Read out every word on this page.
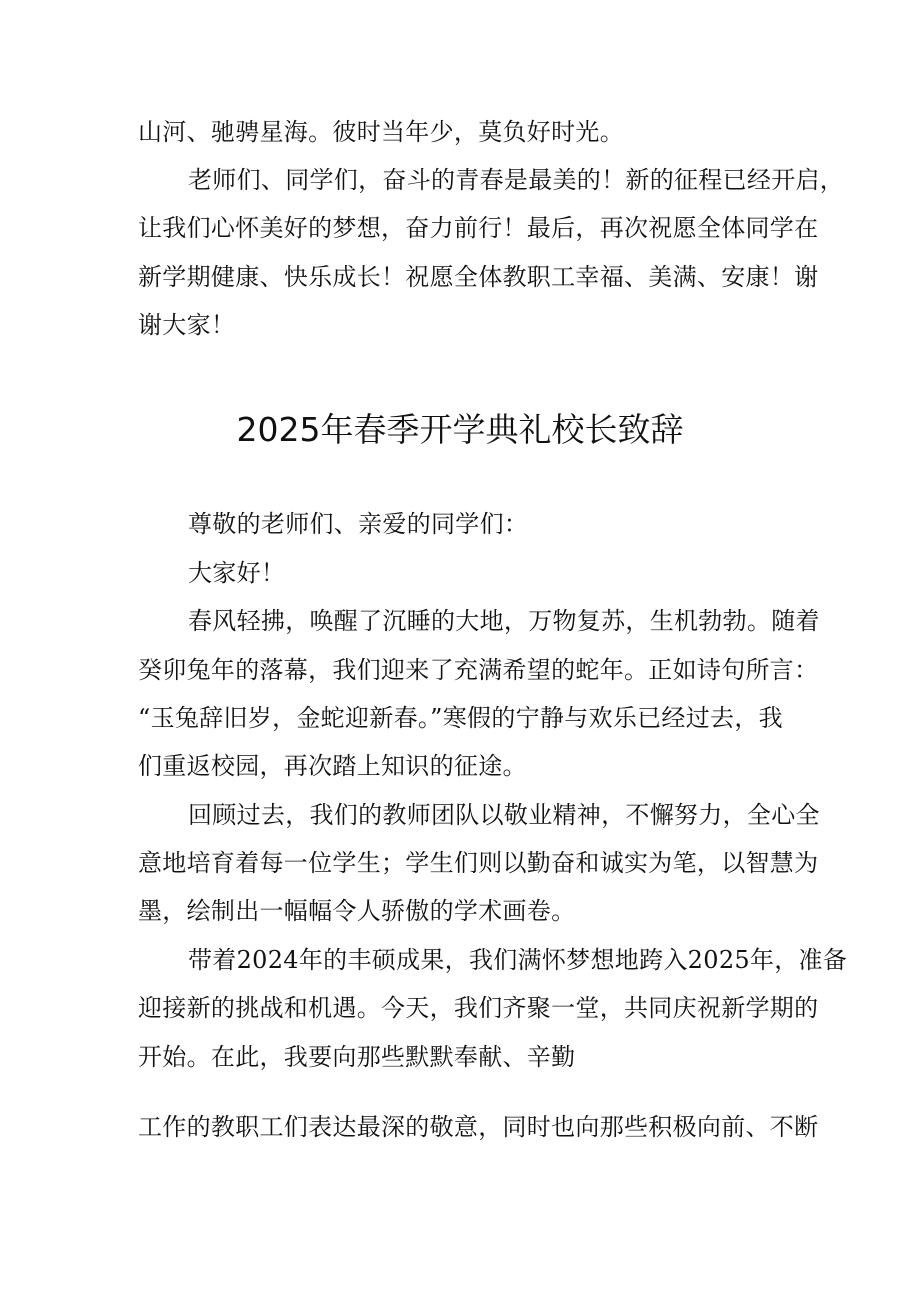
山河、驰骋星海。彼时当年少，莫负好时光。
老师们、同学们，奋斗的青春是最美的！新的征程已经开启，
让我们心怀美好的梦想，奋力前行！最后，再次祝愿全体同学在
新学期健康、快乐成长！祝愿全体教职工幸福、美满、安康！谢
谢大家！
2025年春季开学典礼校长致辞
尊敬的老师们、亲爱的同学们：
大家好！
春风轻拂，唤醒了沉睡的大地，万物复苏，生机勃勃。随着
癸卯兔年的落幕，我们迎来了充满希望的蛇年。正如诗句所言：
“玉兔辞旧岁，金蛇迎新春。”寒假的宁静与欢乐已经过去，我
们重返校园，再次踏上知识的征途。
回顾过去，我们的教师团队以敬业精神，不懈努力，全心全
意地培育着每一位学生；学生们则以勤奋和诚实为笔，以智慧为
墨，绘制出一幅幅令人骄傲的学术画卷。
带着2024年的丰硕成果，我们满怀梦想地跨入2025年，准备
迎接新的挑战和机遇。今天，我们齐聚一堂，共同庆祝新学期的
开始。在此，我要向那些默默奉献、辛勤
工作的教职工们表达最深的敬意，同时也向那些积极向前、不断
